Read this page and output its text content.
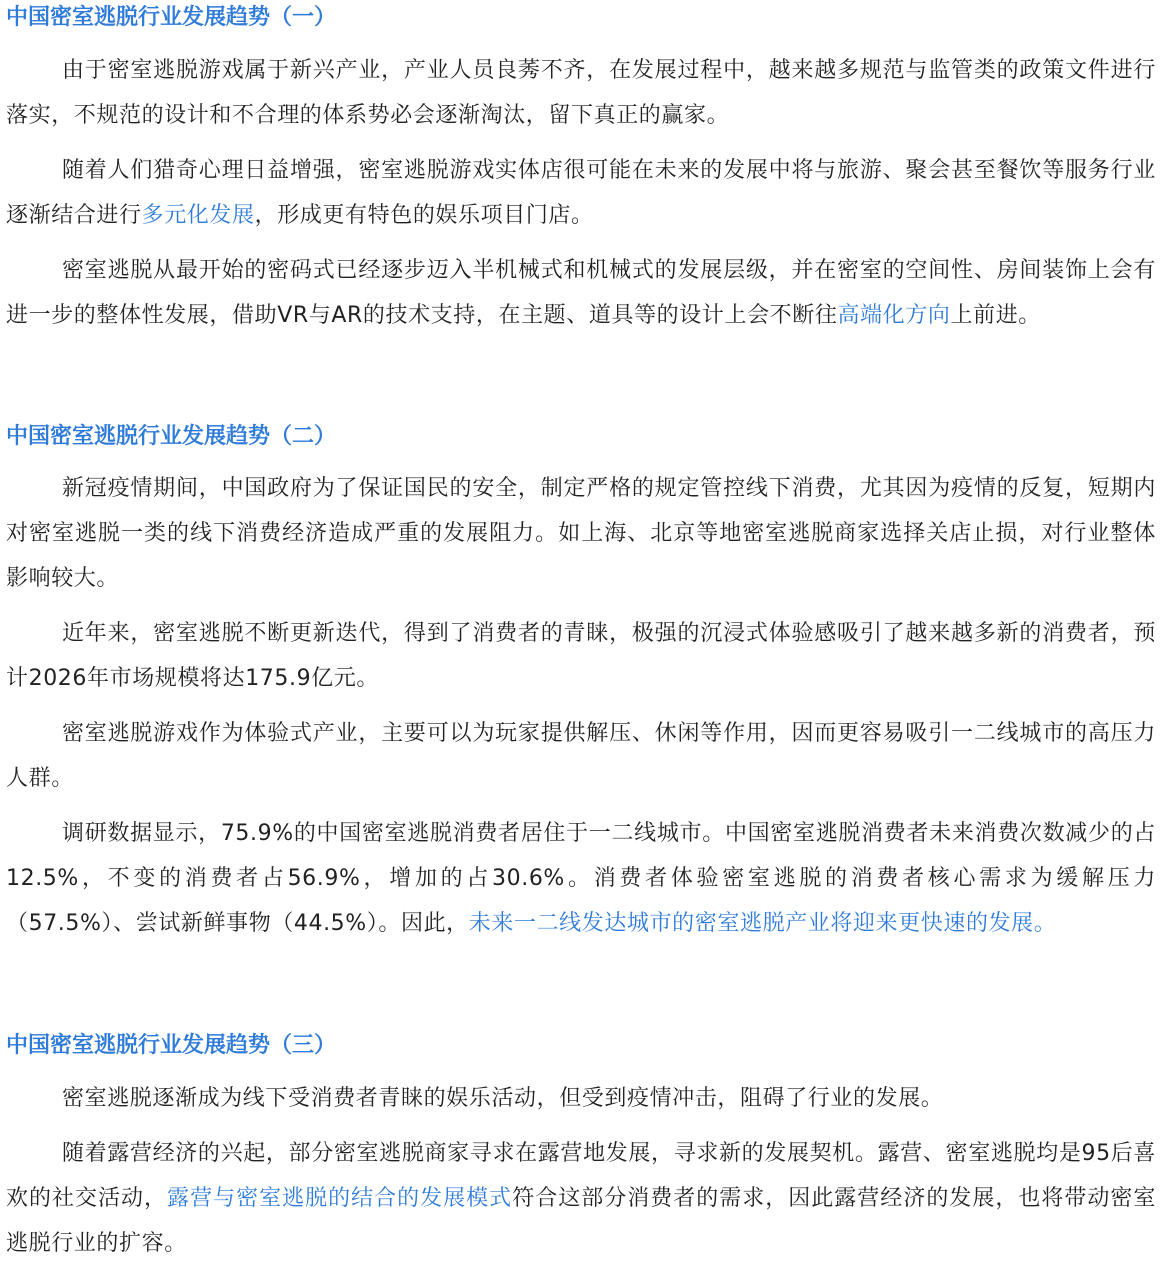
中国密室逃脱行业发展趋势（一）

由于密室逃脱游戏属于新兴产业，产业人员良莠不齐，在发展过程中，越来越多规范与监管类的政策文件进行落实，不规范的设计和不合理的体系势必会逐渐淘汰，留下真正的赢家。

随着人们猎奇心理日益增强，密室逃脱游戏实体店很可能在未来的发展中将与旅游、聚会甚至餐饮等服务行业逐渐结合进行多元化发展，形成更有特色的娱乐项目门店。

密室逃脱从最开始的密码式已经逐步迈入半机械式和机械式的发展层级，并在密室的空间性、房间装饰上会有进一步的整体性发展，借助VR与AR的技术支持，在主题、道具等的设计上会不断往高端化方向上前进。

中国密室逃脱行业发展趋势（二）

新冠疫情期间，中国政府为了保证国民的安全，制定严格的规定管控线下消费，尤其因为疫情的反复，短期内对密室逃脱一类的线下消费经济造成严重的发展阻力。如上海、北京等地密室逃脱商家选择关店止损，对行业整体影响较大。

近年来，密室逃脱不断更新迭代，得到了消费者的青睐，极强的沉浸式体验感吸引了越来越多新的消费者，预计2026年市场规模将达175.9亿元。

密室逃脱游戏作为体验式产业，主要可以为玩家提供解压、休闲等作用，因而更容易吸引一二线城市的高压力人群。

调研数据显示，75.9%的中国密室逃脱消费者居住于一二线城市。中国密室逃脱消费者未来消费次数减少的占12.5%，不变的消费者占56.9%，增加的占30.6%。消费者体验密室逃脱的消费者核心需求为缓解压力（57.5%）、尝试新鲜事物（44.5%）。因此，未来一二线发达城市的密室逃脱产业将迎来更快速的发展。

中国密室逃脱行业发展趋势（三）

密室逃脱逐渐成为线下受消费者青睐的娱乐活动，但受到疫情冲击，阻碍了行业的发展。

随着露营经济的兴起，部分密室逃脱商家寻求在露营地发展，寻求新的发展契机。露营、密室逃脱均是95后喜欢的社交活动，露营与密室逃脱的结合的发展模式符合这部分消费者的需求，因此露营经济的发展，也将带动密室逃脱行业的扩容。
